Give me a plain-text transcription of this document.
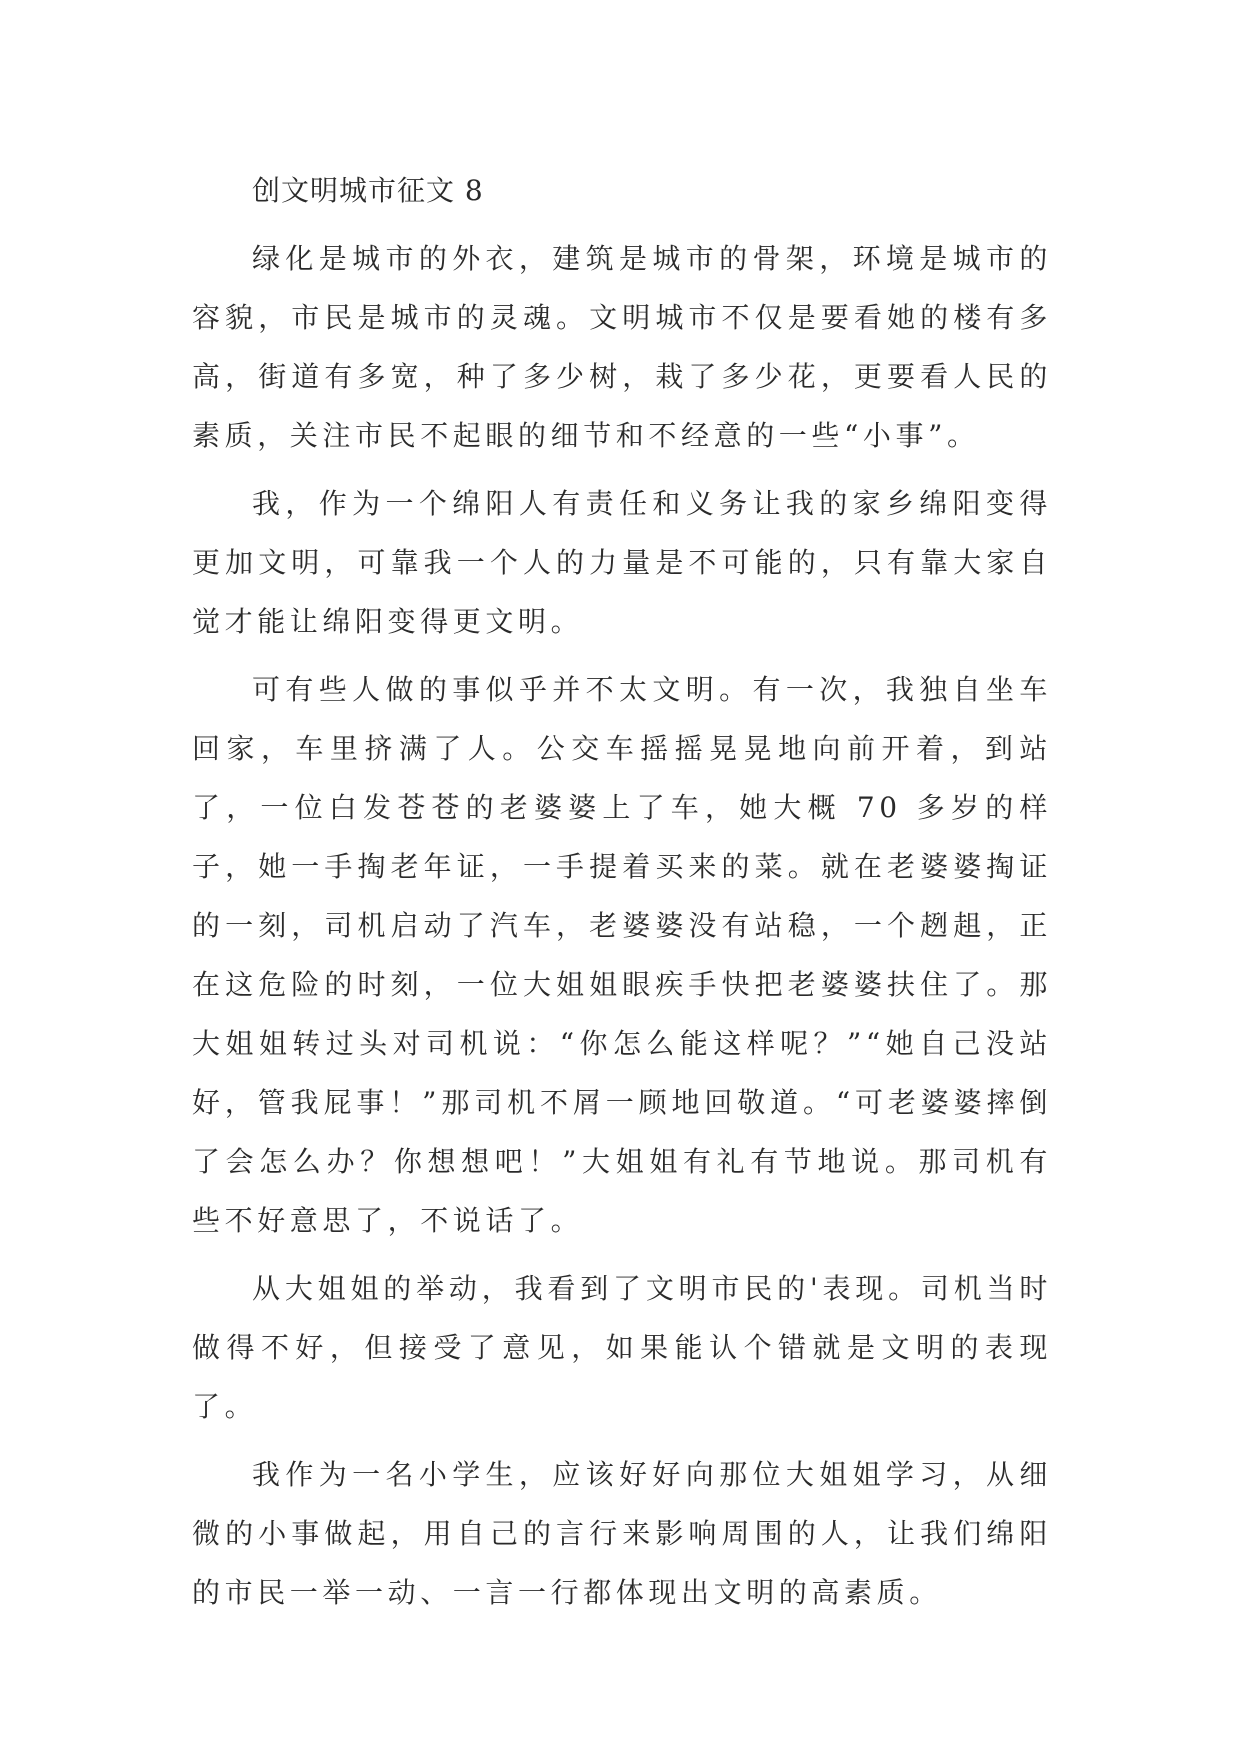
创文明城市征文 8

绿化是城市的外衣，建筑是城市的骨架，环境是城市的容貌，市民是城市的灵魂。文明城市不仅是要看她的楼有多高，街道有多宽，种了多少树，栽了多少花，更要看人民的素质，关注市民不起眼的细节和不经意的一些“小事”。

我，作为一个绵阳人有责任和义务让我的家乡绵阳变得更加文明，可靠我一个人的力量是不可能的，只有靠大家自觉才能让绵阳变得更文明。

可有些人做的事似乎并不太文明。有一次，我独自坐车回家，车里挤满了人。公交车摇摇晃晃地向前开着，到站了，一位白发苍苍的老婆婆上了车，她大概 70 多岁的样子，她一手掏老年证，一手提着买来的菜。就在老婆婆掏证的一刻，司机启动了汽车，老婆婆没有站稳，一个趔趄，正在这危险的时刻，一位大姐姐眼疾手快把老婆婆扶住了。那大姐姐转过头对司机说：“你怎么能这样呢？”“她自己没站好，管我屁事！”那司机不屑一顾地回敬道。“可老婆婆摔倒了会怎么办？你想想吧！”大姐姐有礼有节地说。那司机有些不好意思了，不说话了。

从大姐姐的举动，我看到了文明市民的'表现。司机当时做得不好，但接受了意见，如果能认个错就是文明的表现了。

我作为一名小学生，应该好好向那位大姐姐学习，从细微的小事做起，用自己的言行来影响周围的人，让我们绵阳的市民一举一动、一言一行都体现出文明的高素质。
